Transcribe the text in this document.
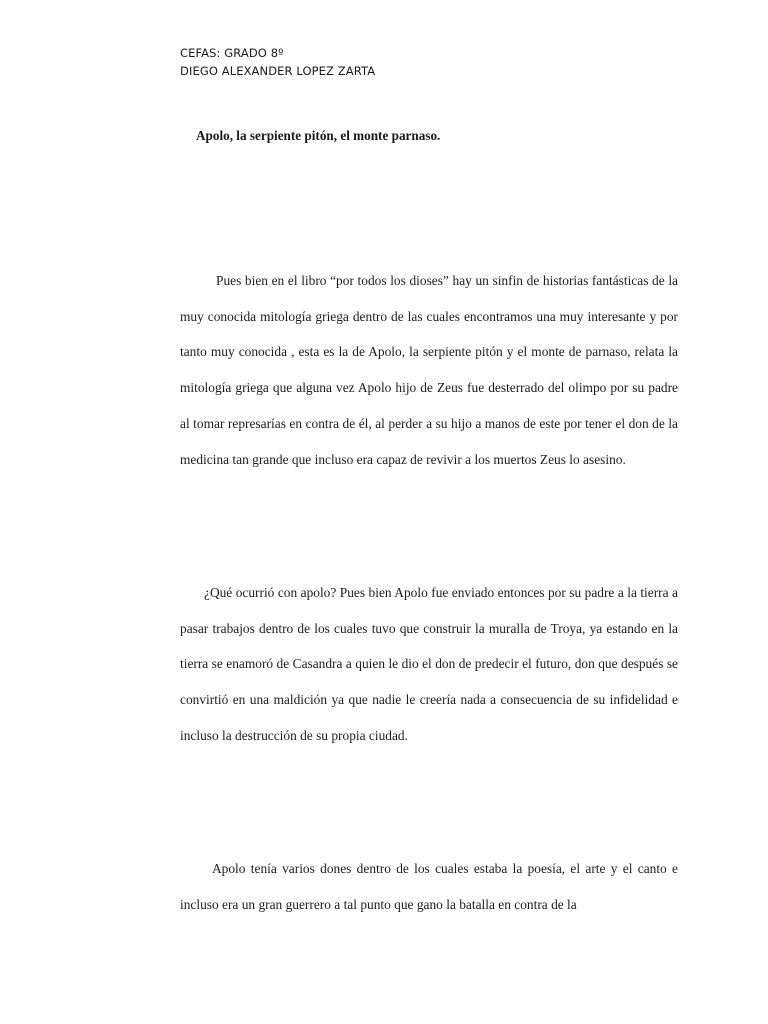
CEFAS: GRADO 8º
DIEGO ALEXANDER LOPEZ ZARTA
Apolo, la serpiente pitón, el monte parnaso.

Pues bien en el libro “por todos los dioses” hay un sinfin de historias fantásticas de la muy conocida mitología griega dentro de las cuales encontramos una muy interesante y por tanto muy conocida , esta es la de Apolo, la serpiente pitón y el monte de parnaso, relata la mitología griega que alguna vez Apolo hijo de Zeus fue desterrado del olimpo por su padre al tomar represarías en contra de él, al perder a su hijo a manos de este por tener el don de la medicina tan grande que incluso era capaz de revivir a los muertos Zeus lo asesino.

¿Qué ocurrió con apolo? Pues bien Apolo fue enviado entonces por su padre a la tierra a pasar trabajos dentro de los cuales tuvo que construir la muralla de Troya, ya estando en la tierra se enamoró de Casandra a quien le dio el don de predecir el futuro, don que después se convirtió en una maldición ya que nadie le creería nada a consecuencia de su infidelidad e incluso la destrucción de su propia ciudad.

Apolo tenía varios dones dentro de los cuales estaba la poesía, el arte y el canto e incluso era un gran guerrero a tal punto que gano la batalla en contra de la
